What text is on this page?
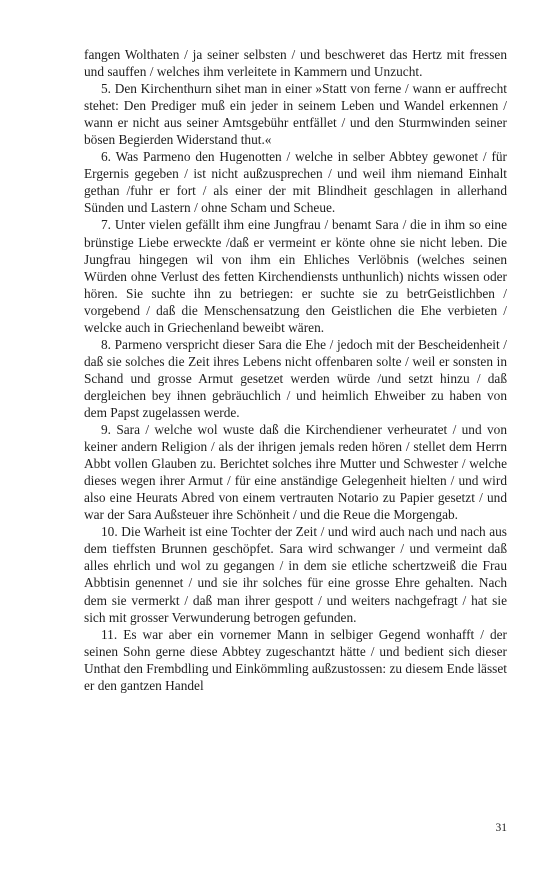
fangen Wolthaten / ja seiner selbsten / und beschweret das Hertz mit fressen und sauffen / welches ihm verleitete in Kammern und Unzucht.

5. Den Kirchenthurn sihet man in einer »Statt von ferne / wann er auffrecht stehet: Den Prediger muß ein jeder in seinem Leben und Wandel erkennen / wann er nicht aus seiner Amtsgebühr entfället / und den Sturmwinden seiner bösen Begierden Widerstand thut.«

6. Was Parmeno den Hugenotten / welche in selber Abbtey gewonet / für Ergernis gegeben / ist nicht außzusprechen / und weil ihm niemand Einhalt gethan /fuhr er fort / als einer der mit Blindheit geschlagen in allerhand Sünden und Lastern / ohne Scham und Scheue.

7. Unter vielen gefällt ihm eine Jungfrau / benamt Sara / die in ihm so eine brünstige Liebe erweckte /daß er vermeint er könte ohne sie nicht leben. Die Jungfrau hingegen wil von ihm ein Ehliches Verlöbnis (welches seinen Würden ohne Verlust des fetten Kirchendiensts unthunlich) nichts wissen oder hören. Sie suchte ihn zu betriegen: er suchte sie zu betrGeistlichben / vorgebend / daß die Menschensatzung den Geistlichen die Ehe verbieten / welcke auch in Griechenland beweibt wären.

8. Parmeno verspricht dieser Sara die Ehe / jedoch mit der Bescheidenheit / daß sie solches die Zeit ihres Lebens nicht offenbaren solte / weil er sonsten in Schand und grosse Armut gesetzet werden würde /und setzt hinzu / daß dergleichen bey ihnen gebräuchlich / und heimlich Ehweiber zu haben von dem Papst zugelassen werde.

9. Sara / welche wol wuste daß die Kirchendiener verheuratet / und von keiner andern Religion / als der ihrigen jemals reden hören / stellet dem Herrn Abbt vollen Glauben zu. Berichtet solches ihre Mutter und Schwester / welche dieses wegen ihrer Armut / für eine anständige Gelegenheit hielten / und wird also eine Heurats Abred von einem vertrauten Notario zu Papier gesetzt / und war der Sara Außsteuer ihre Schönheit / und die Reue die Morgengab.

10. Die Warheit ist eine Tochter der Zeit / und wird auch nach und nach aus dem tieffsten Brunnen geschöpfet. Sara wird schwanger / und vermeint daß alles ehrlich und wol zu gegangen / in dem sie etliche schertzweiß die Frau Abbtisin genennet / und sie ihr solches für eine grosse Ehre gehalten. Nach dem sie vermerkt / daß man ihrer gespott / und weiters nachgefragt / hat sie sich mit grosser Verwunderung betrogen gefunden.

11. Es war aber ein vornemer Mann in selbiger Gegend wonhafft / der seinen Sohn gerne diese Abbtey zugeschantzt hätte / und bedient sich dieser Unthat den Frembdling und Einkömmling außzustossen: zu diesem Ende lässet er den gantzen Handel

31
